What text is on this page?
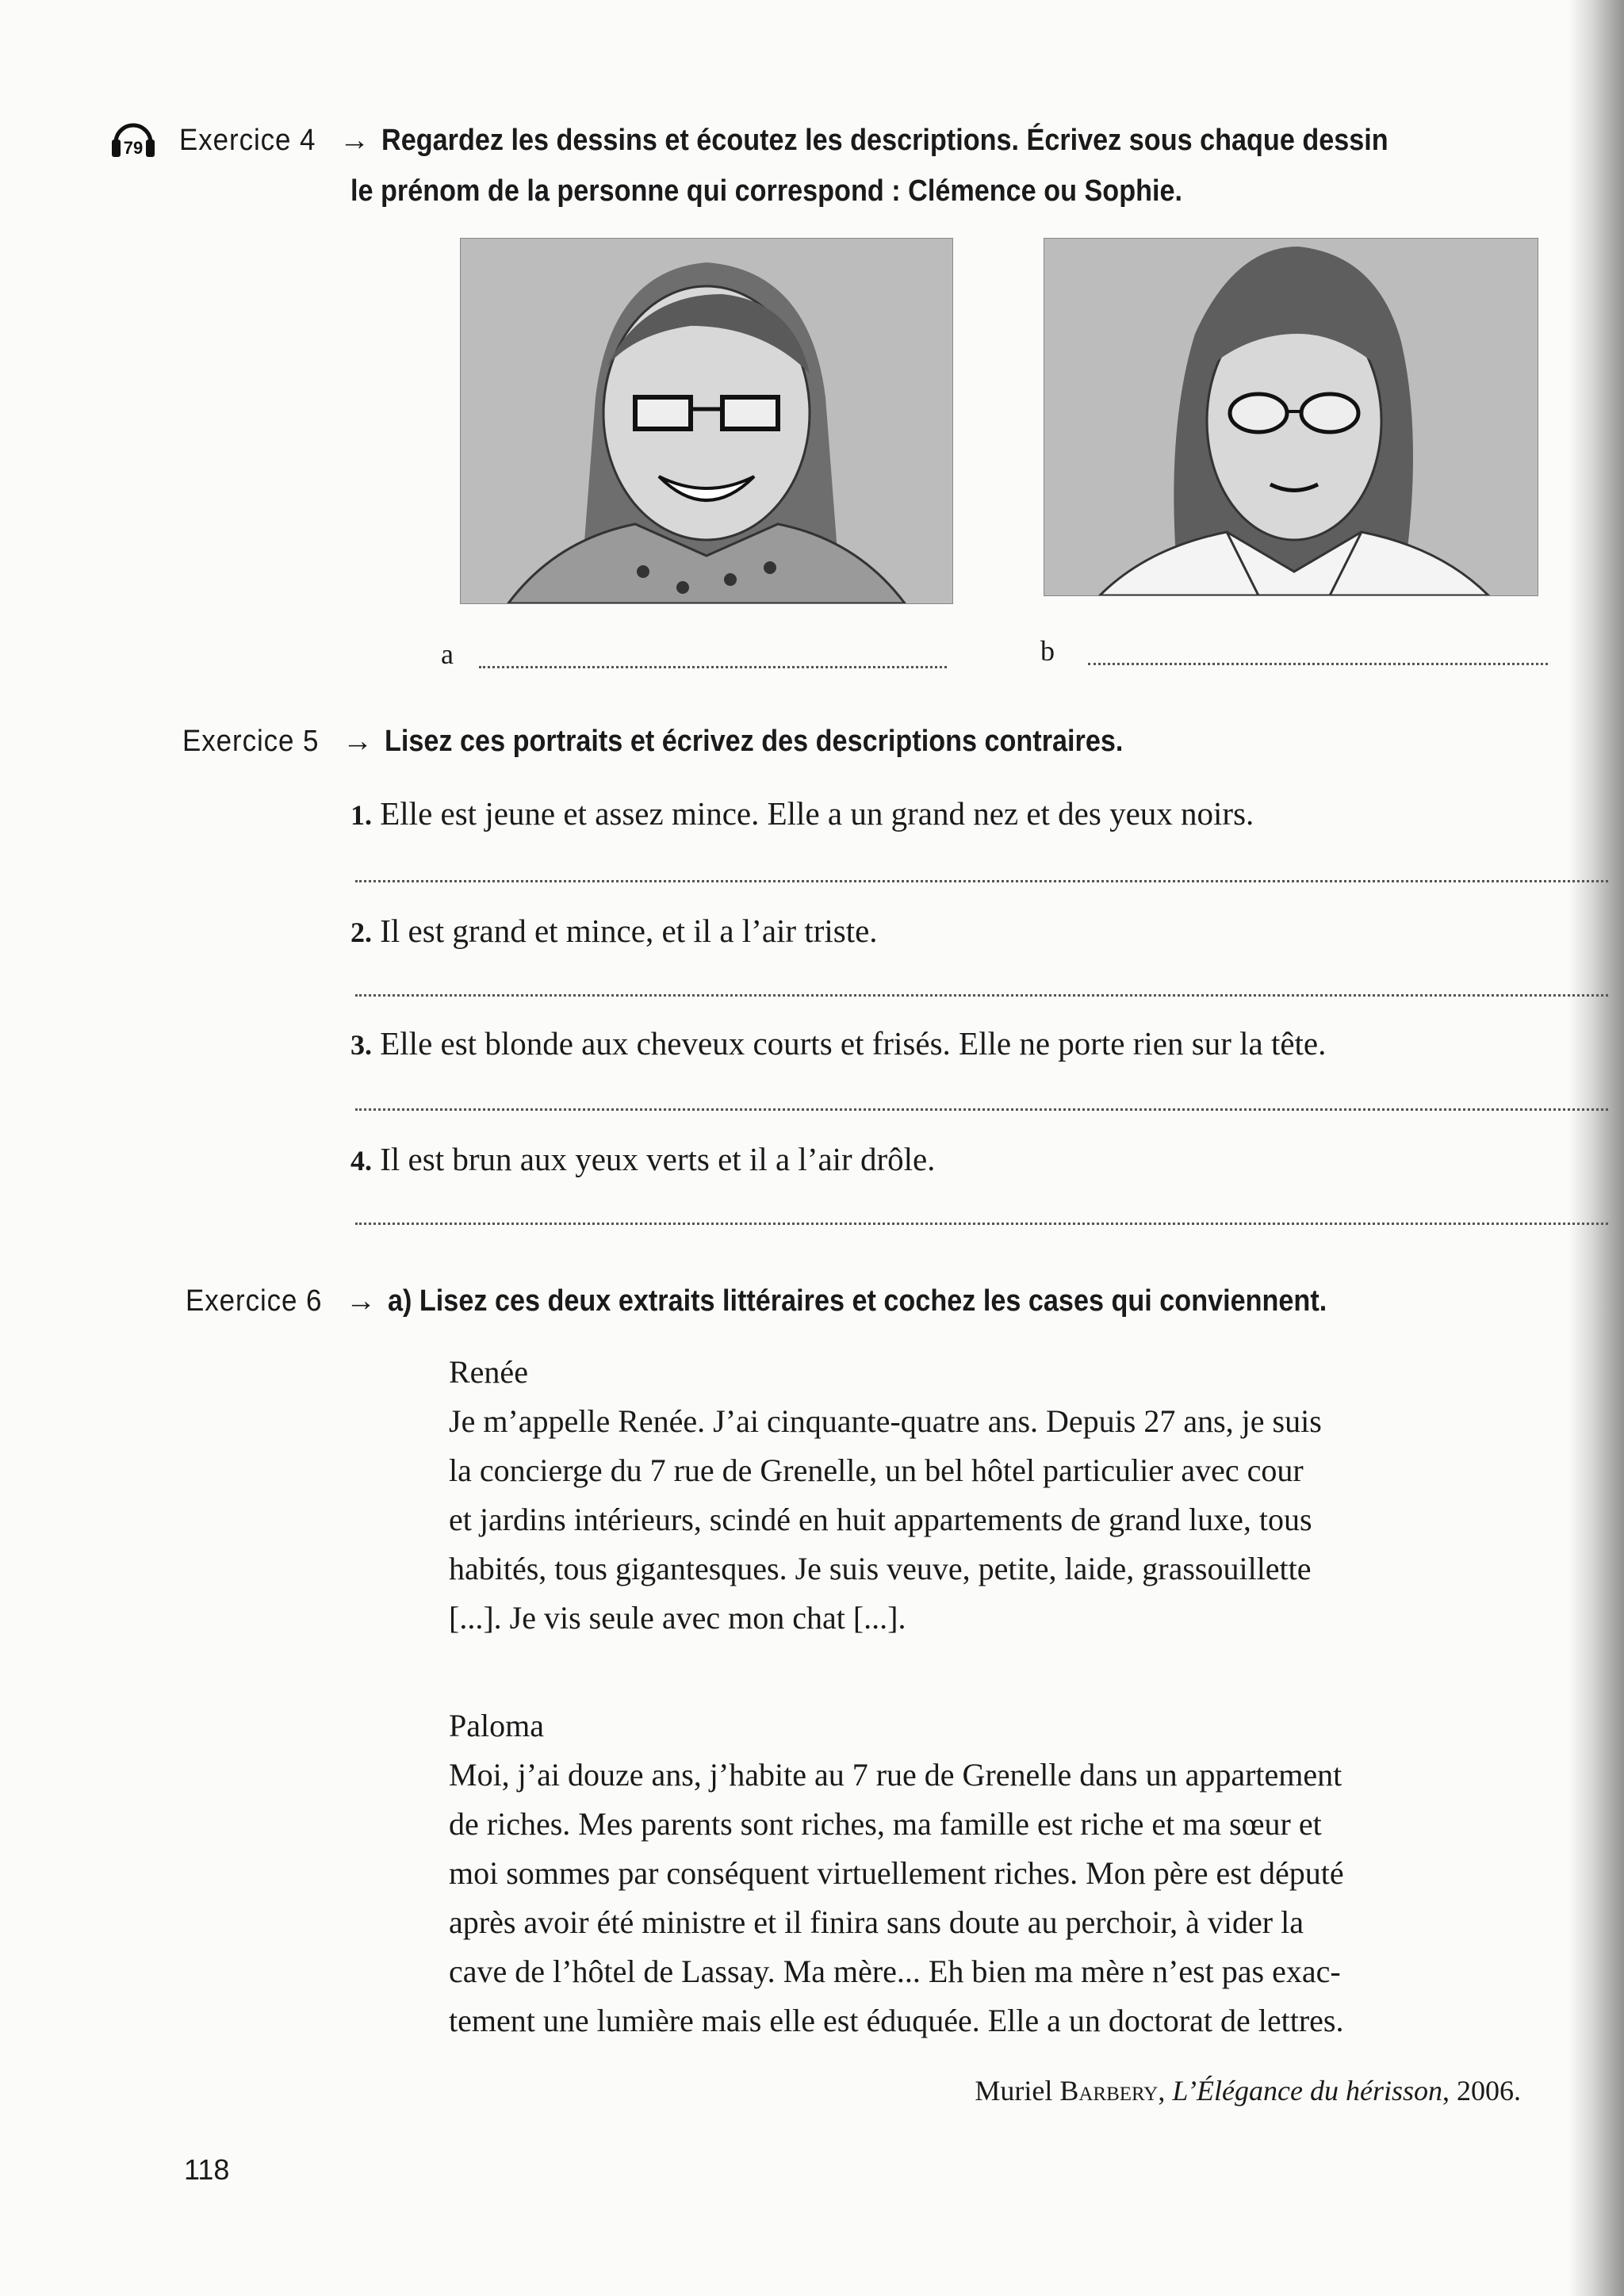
79 Exercice 4 → Regardez les dessins et écoutez les descriptions. Écrivez sous chaque dessin
le prénom de la personne qui correspond : Clémence ou Sophie.
a	b
Exercice 5 → Lisez ces portraits et écrivez des descriptions contraires.
1. Elle est jeune et assez mince. Elle a un grand nez et des yeux noirs.
2. Il est grand et mince, et il a l’air triste.
3. Elle est blonde aux cheveux courts et frisés. Elle ne porte rien sur la tête.
4. Il est brun aux yeux verts et il a l’air drôle.
Exercice 6 → a) Lisez ces deux extraits littéraires et cochez les cases qui conviennent.

Renée

Je m’appelle Renée. J’ai cinquante-quatre ans. Depuis 27 ans, je suis

la concierge du 7 rue de Grenelle, un bel hôtel particulier avec cour

et jardins intérieurs, scindé en huit appartements de grand luxe, tous

habités, tous gigantesques. Je suis veuve, petite, laide, grassouillette

[...]. Je vis seule avec mon chat [...].

Paloma

Moi, j’ai douze ans, j’habite au 7 rue de Grenelle dans un appartement

de riches. Mes parents sont riches, ma famille est riche et ma sœur et

moi sommes par conséquent virtuellement riches. Mon père est député

après avoir été ministre et il finira sans doute au perchoir, à vider la

cave de l’hôtel de Lassay. Ma mère... Eh bien ma mère n’est pas exac-

tement une lumière mais elle est éduquée. Elle a un doctorat de lettres.

Muriel Barbery, L’Élégance du hérisson, 2006.
118
